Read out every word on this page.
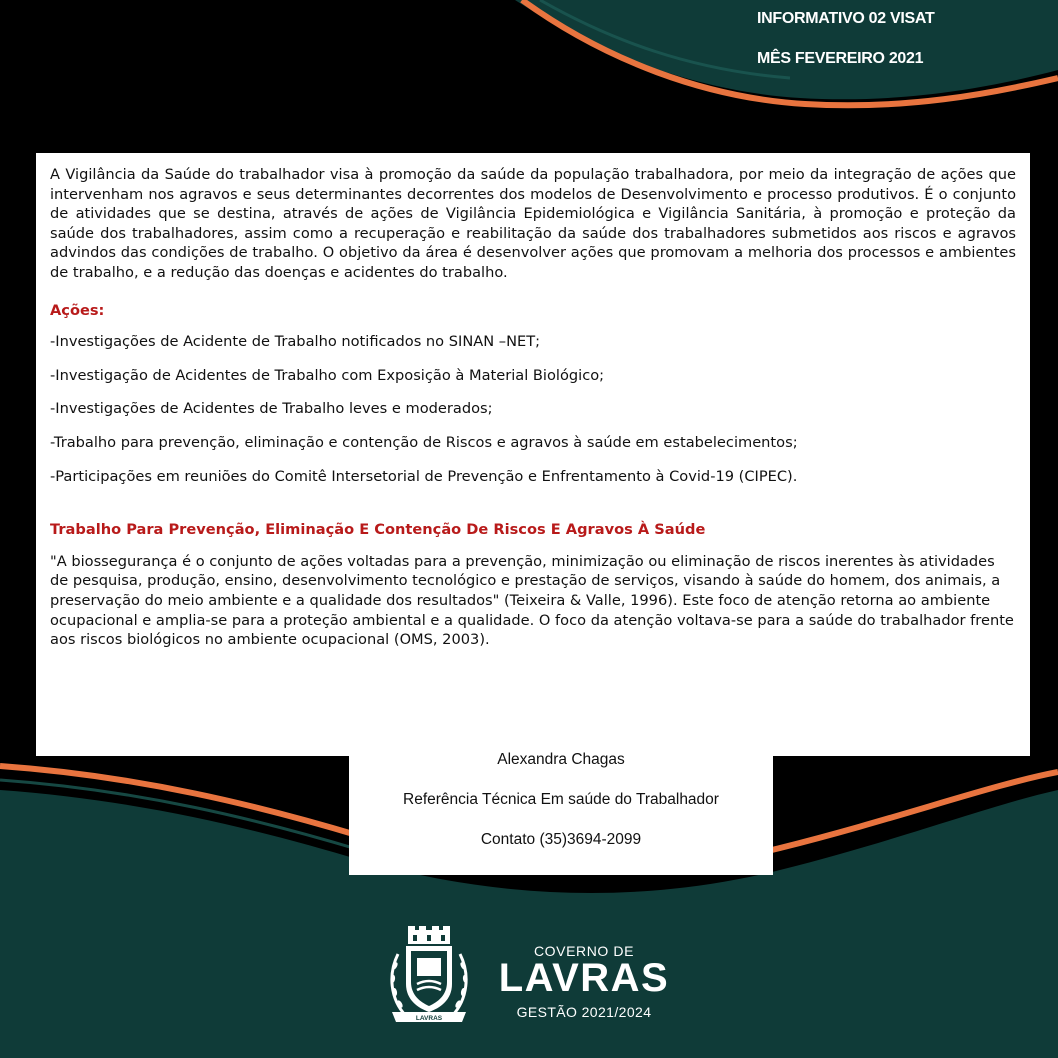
INFORMATIVO 02 VISAT
MÊS FEVEREIRO 2021

A Vigilância da Saúde do trabalhador visa à promoção da saúde da população trabalhadora, por meio da integração de ações que intervenham nos agravos e seus determinantes decorrentes dos modelos de Desenvolvimento e processo produtivos. É o conjunto de atividades que se destina, através de ações de Vigilância Epidemiológica e Vigilância Sanitária, à promoção e proteção da saúde dos trabalhadores, assim como a recuperação e reabilitação da saúde dos trabalhadores submetidos aos riscos e agravos advindos das condições de trabalho. O objetivo da área é desenvolver ações que promovam a melhoria dos processos e ambientes de trabalho, e a redução das doenças e acidentes do trabalho.

Ações:

-Investigações de Acidente de Trabalho notificados no SINAN –NET;
-Investigação de Acidentes de Trabalho com Exposição à Material Biológico;
-Investigações de Acidentes de Trabalho leves e moderados;
-Trabalho para prevenção, eliminação e contenção de Riscos e agravos à saúde em estabelecimentos;
-Participações em reuniões do Comitê Intersetorial de Prevenção e Enfrentamento à Covid-19 (CIPEC).

Trabalho Para Prevenção, Eliminação E Contenção De Riscos E Agravos À Saúde

"A biossegurança é o conjunto de ações voltadas para a prevenção, minimização ou eliminação de riscos inerentes às atividades de pesquisa, produção, ensino, desenvolvimento tecnológico e prestação de serviços, visando à saúde do homem, dos animais, a preservação do meio ambiente e a qualidade dos resultados" (Teixeira & Valle, 1996). Este foco de atenção retorna ao ambiente ocupacional e amplia-se para a proteção ambiental e a qualidade. O foco da atenção voltava-se para a saúde do trabalhador frente aos riscos biológicos no ambiente ocupacional (OMS, 2003).

Alexandra Chagas
Referência Técnica Em saúde do Trabalhador
Contato (35)3694-2099
LAVRAS
COVERNO DE
LAVRAS
GESTÃO 2021/2024
